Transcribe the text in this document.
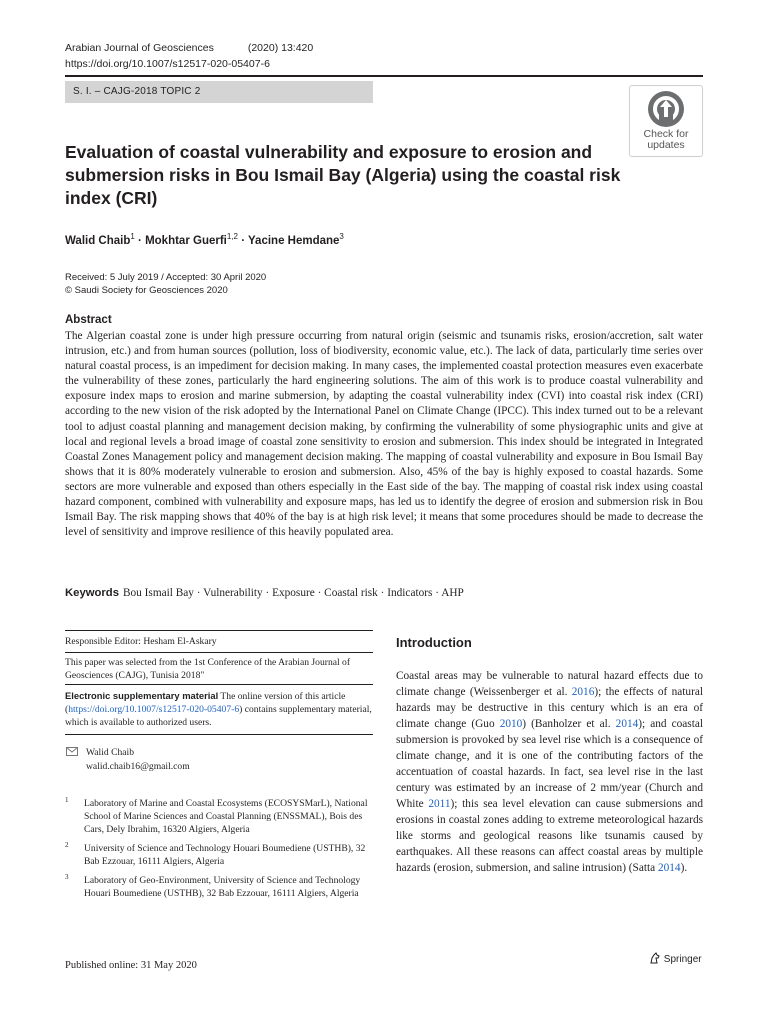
Arabian Journal of Geosciences	(2020) 13:420
https://doi.org/10.1007/s12517-020-05407-6
S. I. – CAJG-2018 TOPIC 2
Check for
updates
Evaluation of coastal vulnerability and exposure to erosion and submersion risks in Bou Ismail Bay (Algeria) using the coastal risk index (CRI)
Walid Chaib$^1$ · Mokhtar Guerfi$^{1,2}$ · Yacine Hemdane$^3$
Received: 5 July 2019 / Accepted: 30 April 2020
© Saudi Society for Geosciences 2020
Abstract
The Algerian coastal zone is under high pressure occurring from natural origin (seismic and tsunamis risks, erosion/accretion, salt water intrusion, etc.) and from human sources (pollution, loss of biodiversity, economic value, etc.). The lack of data, particularly time series over natural coastal process, is an impediment for decision making. In many cases, the implemented coastal protection measures even exacerbate the vulnerability of these zones, particularly the hard engineering solutions. The aim of this work is to produce coastal vulnerability and exposure index maps to erosion and marine submersion, by adapting the coastal vulnerability index (CVI) into coastal risk index (CRI) according to the new vision of the risk adopted by the International Panel on Climate Change (IPCC). This index turned out to be a relevant tool to adjust coastal planning and management decision making, by confirming the vulnerability of some physiographic units and give at local and regional levels a broad image of coastal zone sensitivity to erosion and submersion. This index should be integrated in Integrated Coastal Zones Management policy and management decision making. The mapping of coastal vulnerability and exposure in Bou Ismail Bay shows that it is 80% moderately vulnerable to erosion and submersion. Also, 45% of the bay is highly exposed to coastal hazards. Some sectors are more vulnerable and exposed than others especially in the East side of the bay. The mapping of coastal risk index using coastal hazard component, combined with vulnerability and exposure maps, has led us to identify the degree of erosion and submersion risk in Bou Ismail Bay. The risk mapping shows that 40% of the bay is at high risk level; it means that some procedures should be made to decrease the level of sensitivity and improve resilience of this heavily populated area.
Keywords Bou Ismail Bay · Vulnerability · Exposure · Coastal risk · Indicators · AHP
Responsible Editor: Hesham El-Askary
This paper was selected from the 1st Conference of the Arabian Journal of Geosciences (CAJG), Tunisia 2018"
Electronic supplementary material The online version of this article (https://doi.org/10.1007/s12517-020-05407-6) contains supplementary material, which is available to authorized users.
Walid Chaib
walid.chaib16@gmail.com
1 Laboratory of Marine and Coastal Ecosystems (ECOSYSMarL), National School of Marine Sciences and Coastal Planning (ENSSMAL), Bois des Cars, Dely Ibrahim, 16320 Algiers, Algeria
2 University of Science and Technology Houari Boumediene (USTHB), 32 Bab Ezzouar, 16111 Algiers, Algeria
3 Laboratory of Geo-Environment, University of Science and Technology Houari Boumediene (USTHB), 32 Bab Ezzouar, 16111 Algiers, Algeria
Introduction
Coastal areas may be vulnerable to natural hazard effects due to climate change (Weissenberger et al. 2016); the effects of natural hazards may be destructive in this century which is an era of climate change (Guo 2010) (Banholzer et al. 2014); and coastal submersion is provoked by sea level rise which is a consequence of climate change, and it is one of the contributing factors of the accentuation of coastal hazards. In fact, sea level rise in the last century was estimated by an increase of 2 mm/year (Church and White 2011); this sea level elevation can cause submersions and erosions in coastal zones adding to extreme meteorological hazards like storms and geological reasons like tsunamis caused by earthquakes. All these reasons can affect coastal areas by multiple hazards (erosion, submersion, and saline intrusion) (Satta 2014).
Published online: 31 May 2020
Springer
